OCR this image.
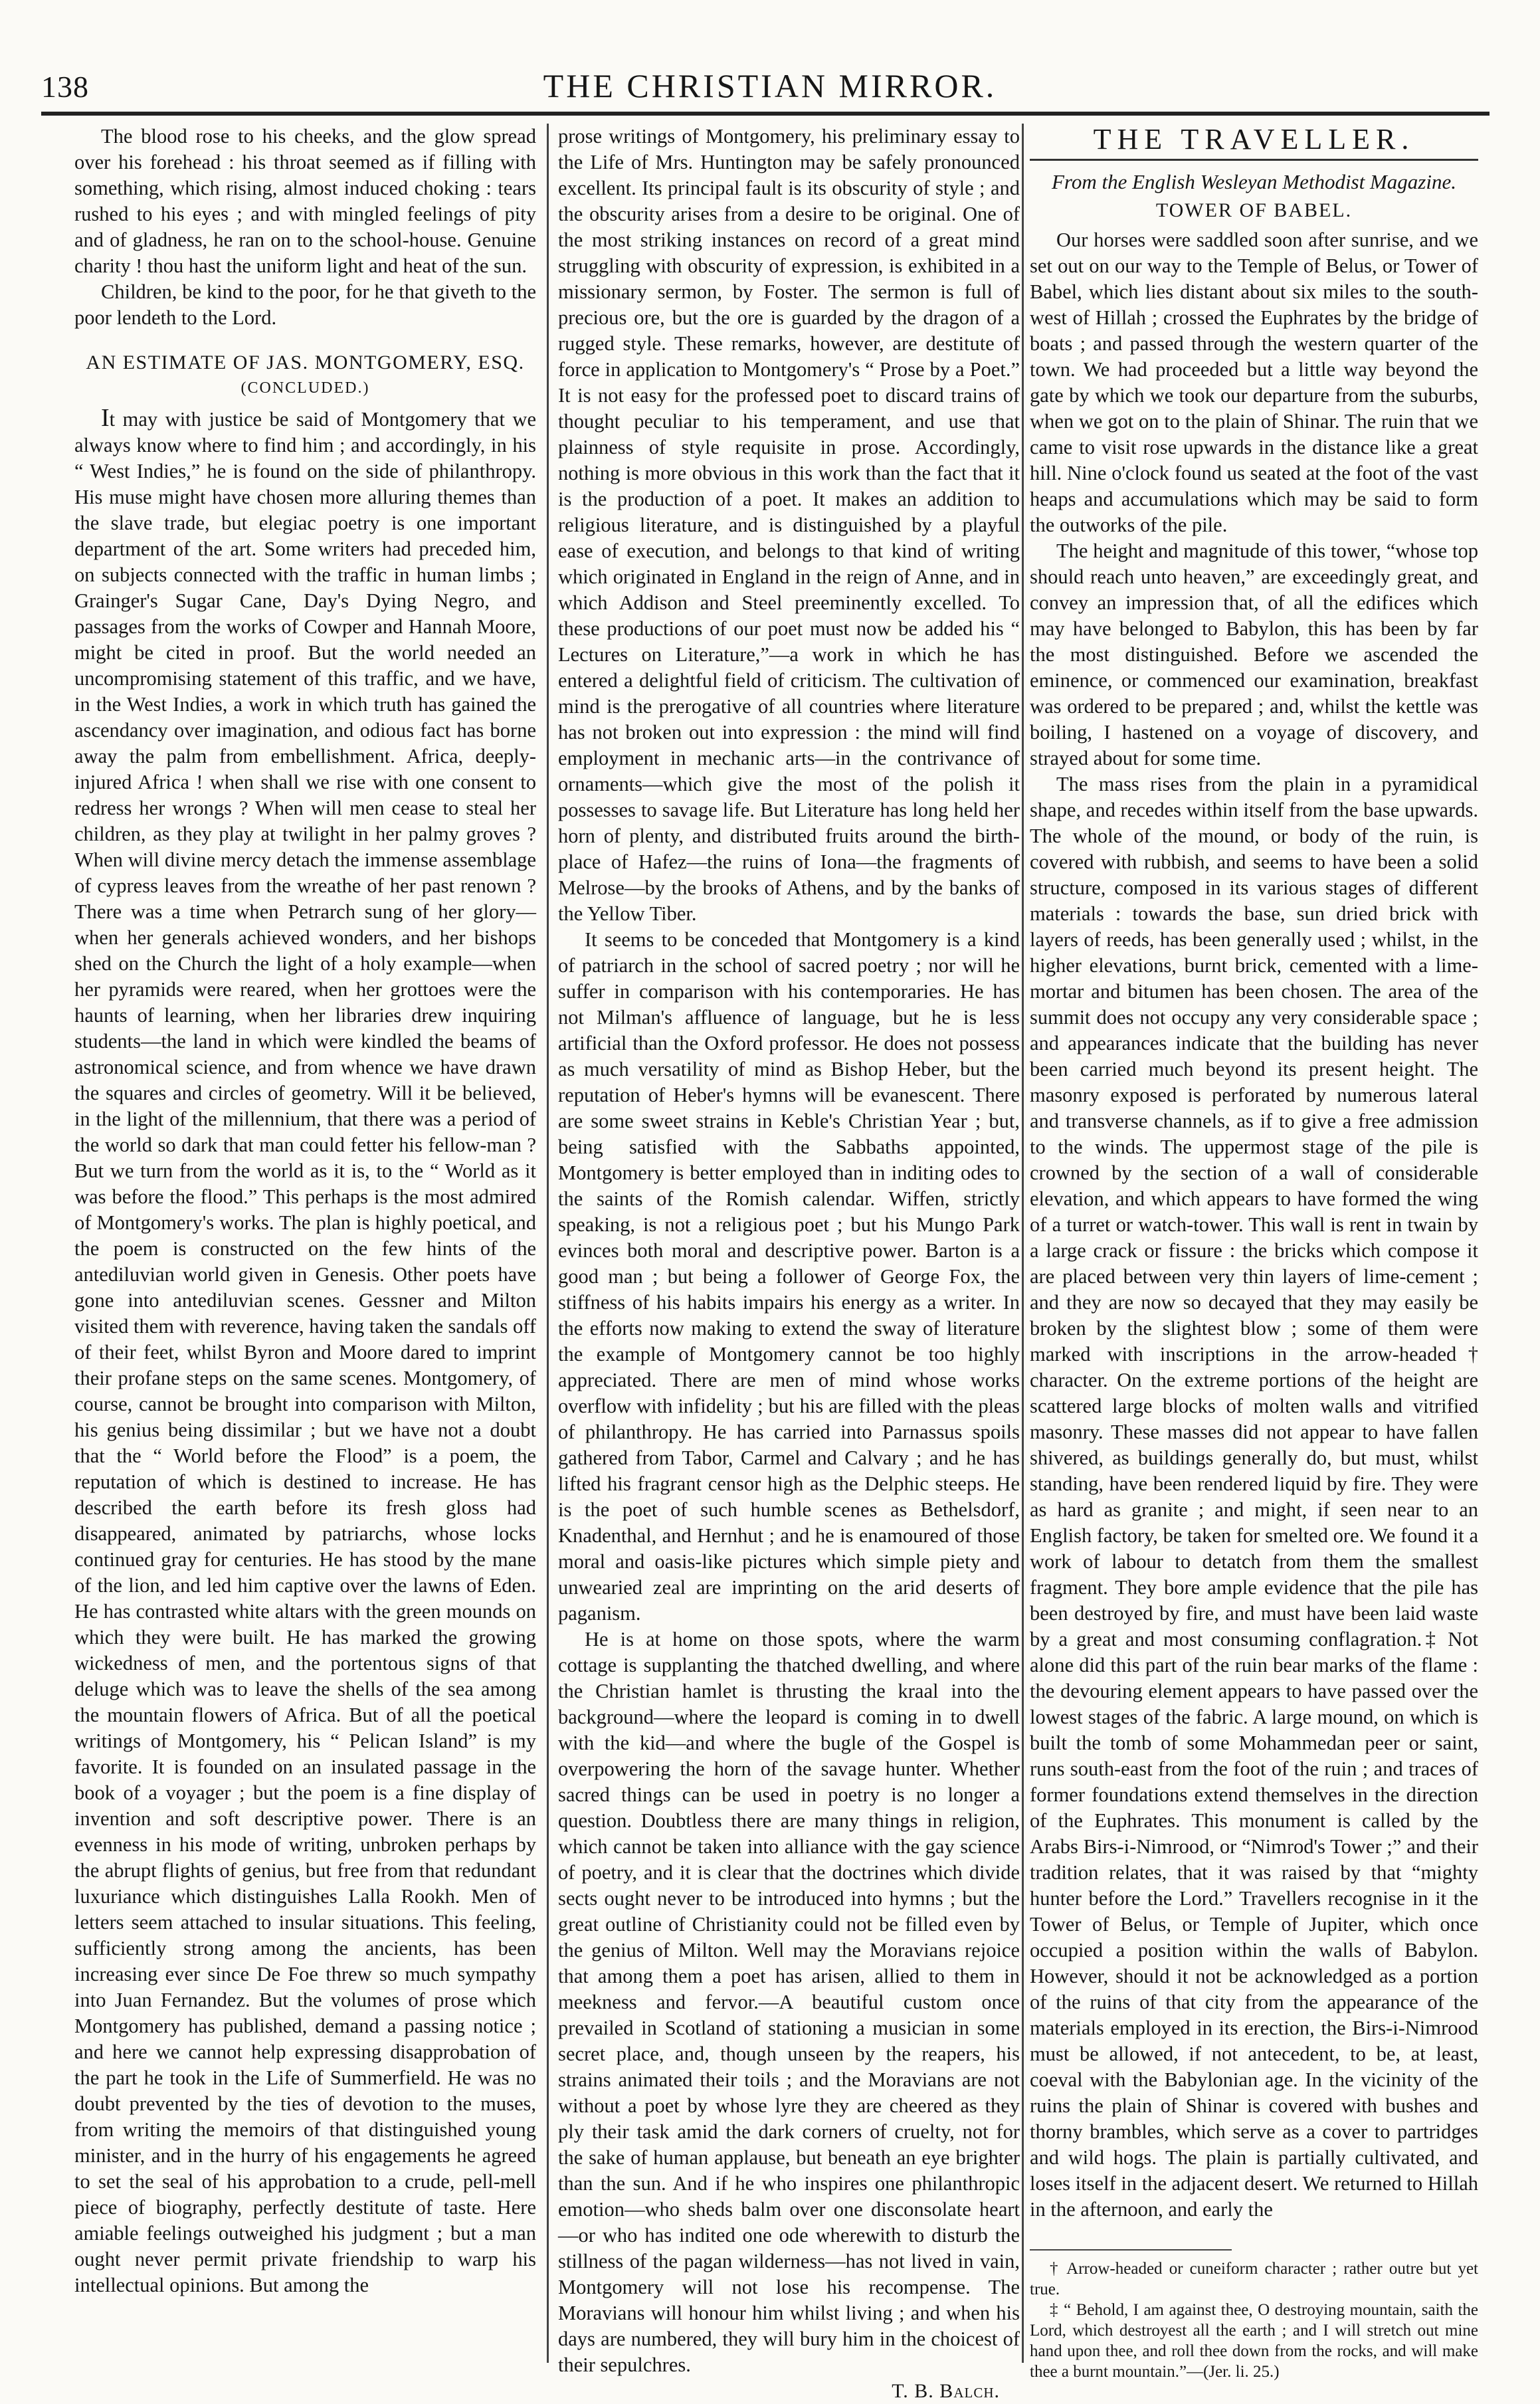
138	THE CHRISTIAN MIRROR.

The blood rose to his cheeks, and the glow spread over his forehead : his throat seemed as if filling with something, which rising, almost induced choking : tears rushed to his eyes ; and with mingled feelings of pity and of gladness, he ran on to the school-house. Genuine charity ! thou hast the uniform light and heat of the sun.

Children, be kind to the poor, for he that giveth to the poor lendeth to the Lord.

AN ESTIMATE OF JAS. MONTGOMERY, ESQ.
(CONCLUDED.)

It may with justice be said of Montgomery that we always know where to find him ; and accordingly, in his “ West Indies,” he is found on the side of philanthropy. His muse might have chosen more alluring themes than the slave trade, but elegiac poetry is one important department of the art. Some writers had preceded him, on subjects connected with the traffic in human limbs ; Grainger's Sugar Cane, Day's Dying Negro, and passages from the works of Cowper and Hannah Moore, might be cited in proof. But the world needed an uncompromising statement of this traffic, and we have, in the West Indies, a work in which truth has gained the ascendancy over imagination, and odious fact has borne away the palm from embellishment. Africa, deeply-injured Africa ! when shall we rise with one consent to redress her wrongs ? When will men cease to steal her children, as they play at twilight in her palmy groves ? When will divine mercy detach the immense assemblage of cypress leaves from the wreathe of her past renown ? There was a time when Petrarch sung of her glory—when her generals achieved wonders, and her bishops shed on the Church the light of a holy example—when her pyramids were reared, when her grottoes were the haunts of learning, when her libraries drew inquiring students—the land in which were kindled the beams of astronomical science, and from whence we have drawn the squares and circles of geometry. Will it be believed, in the light of the millennium, that there was a period of the world so dark that man could fetter his fellow-man ? But we turn from the world as it is, to the “ World as it was before the flood.” This perhaps is the most admired of Montgomery's works. The plan is highly poetical, and the poem is constructed on the few hints of the antediluvian world given in Genesis. Other poets have gone into antediluvian scenes. Gessner and Milton visited them with reverence, having taken the sandals off of their feet, whilst Byron and Moore dared to imprint their profane steps on the same scenes. Montgomery, of course, cannot be brought into comparison with Milton, his genius being dissimilar ; but we have not a doubt that the “ World before the Flood” is a poem, the reputation of which is destined to increase. He has described the earth before its fresh gloss had disappeared, animated by patriarchs, whose locks continued gray for centuries. He has stood by the mane of the lion, and led him captive over the lawns of Eden. He has contrasted white altars with the green mounds on which they were built. He has marked the growing wickedness of men, and the portentous signs of that deluge which was to leave the shells of the sea among the mountain flowers of Africa. But of all the poetical writings of Montgomery, his “ Pelican Island” is my favorite. It is founded on an insulated passage in the book of a voyager ; but the poem is a fine display of invention and soft descriptive power. There is an evenness in his mode of writing, unbroken perhaps by the abrupt flights of genius, but free from that redundant luxuriance which distinguishes Lalla Rookh. Men of letters seem attached to insular situations. This feeling, sufficiently strong among the ancients, has been increasing ever since De Foe threw so much sympathy into Juan Fernandez. But the volumes of prose which Montgomery has published, demand a passing notice ; and here we cannot help expressing disapprobation of the part he took in the Life of Summerfield. He was no doubt prevented by the ties of devotion to the muses, from writing the memoirs of that distinguished young minister, and in the hurry of his engagements he agreed to set the seal of his approbation to a crude, pell-mell piece of biography, perfectly destitute of taste. Here amiable feelings outweighed his judgment ; but a man ought never permit private friendship to warp his intellectual opinions. But among the

prose writings of Montgomery, his preliminary essay to the Life of Mrs. Huntington may be safely pronounced excellent. Its principal fault is its obscurity of style ; and the obscurity arises from a desire to be original. One of the most striking instances on record of a great mind struggling with obscurity of expression, is exhibited in a missionary sermon, by Foster. The sermon is full of precious ore, but the ore is guarded by the dragon of a rugged style. These remarks, however, are destitute of force in application to Montgomery's “ Prose by a Poet.” It is not easy for the professed poet to discard trains of thought peculiar to his temperament, and use that plainness of style requisite in prose. Accordingly, nothing is more obvious in this work than the fact that it is the production of a poet. It makes an addition to religious literature, and is distinguished by a playful ease of execution, and belongs to that kind of writing which originated in England in the reign of Anne, and in which Addison and Steel preeminently excelled. To these productions of our poet must now be added his “ Lectures on Literature,”—a work in which he has entered a delightful field of criticism. The cultivation of mind is the prerogative of all countries where literature has not broken out into expression : the mind will find employment in mechanic arts—in the contrivance of ornaments—which give the most of the polish it possesses to savage life. But Literature has long held her horn of plenty, and distributed fruits around the birth-place of Hafez—the ruins of Iona—the fragments of Melrose—by the brooks of Athens, and by the banks of the Yellow Tiber.

It seems to be conceded that Montgomery is a kind of patriarch in the school of sacred poetry ; nor will he suffer in comparison with his contemporaries. He has not Milman's affluence of language, but he is less artificial than the Oxford professor. He does not possess as much versatility of mind as Bishop Heber, but the reputation of Heber's hymns will be evanescent. There are some sweet strains in Keble's Christian Year ; but, being satisfied with the Sabbaths appointed, Montgomery is better employed than in inditing odes to the saints of the Romish calendar. Wiffen, strictly speaking, is not a religious poet ; but his Mungo Park evinces both moral and descriptive power. Barton is a good man ; but being a follower of George Fox, the stiffness of his habits impairs his energy as a writer. In the efforts now making to extend the sway of literature the example of Montgomery cannot be too highly appreciated. There are men of mind whose works overflow with infidelity ; but his are filled with the pleas of philanthropy. He has carried into Parnassus spoils gathered from Tabor, Carmel and Calvary ; and he has lifted his fragrant censor high as the Delphic steeps. He is the poet of such humble scenes as Bethelsdorf, Knadenthal, and Hernhut ; and he is enamoured of those moral and oasis-like pictures which simple piety and unwearied zeal are imprinting on the arid deserts of paganism.

He is at home on those spots, where the warm cottage is supplanting the thatched dwelling, and where the Christian hamlet is thrusting the kraal into the background—where the leopard is coming in to dwell with the kid—and where the bugle of the Gospel is overpowering the horn of the savage hunter. Whether sacred things can be used in poetry is no longer a question. Doubtless there are many things in religion, which cannot be taken into alliance with the gay science of poetry, and it is clear that the doctrines which divide sects ought never to be introduced into hymns ; but the great outline of Christianity could not be filled even by the genius of Milton. Well may the Moravians rejoice that among them a poet has arisen, allied to them in meekness and fervor.—A beautiful custom once prevailed in Scotland of stationing a musician in some secret place, and, though unseen by the reapers, his strains animated their toils ; and the Moravians are not without a poet by whose lyre they are cheered as they ply their task amid the dark corners of cruelty, not for the sake of human applause, but beneath an eye brighter than the sun. And if he who inspires one philanthropic emotion—who sheds balm over one disconsolate heart—or who has indited one ode wherewith to disturb the stillness of the pagan wilderness—has not lived in vain, Montgomery will not lose his recompense. The Moravians will honour him whilst living ; and when his days are numbered, they will bury him in the choicest of their sepulchres.

T. B. Balch.
THE TRAVELLER.
From the English Wesleyan Methodist Magazine.
TOWER OF BABEL.

Our horses were saddled soon after sunrise, and we set out on our way to the Temple of Belus, or Tower of Babel, which lies distant about six miles to the south-west of Hillah ; crossed the Euphrates by the bridge of boats ; and passed through the western quarter of the town. We had proceeded but a little way beyond the gate by which we took our departure from the suburbs, when we got on to the plain of Shinar. The ruin that we came to visit rose upwards in the distance like a great hill. Nine o'clock found us seated at the foot of the vast heaps and accumulations which may be said to form the outworks of the pile.

The height and magnitude of this tower, “whose top should reach unto heaven,” are exceedingly great, and convey an impression that, of all the edifices which may have belonged to Babylon, this has been by far the most distinguished. Before we ascended the eminence, or commenced our examination, breakfast was ordered to be prepared ; and, whilst the kettle was boiling, I hastened on a voyage of discovery, and strayed about for some time.

The mass rises from the plain in a pyramidical shape, and recedes within itself from the base upwards. The whole of the mound, or body of the ruin, is covered with rubbish, and seems to have been a solid structure, composed in its various stages of different materials : towards the base, sun dried brick with layers of reeds, has been generally used ; whilst, in the higher elevations, burnt brick, cemented with a lime-mortar and bitumen has been chosen. The area of the summit does not occupy any very considerable space ; and appearances indicate that the building has never been carried much beyond its present height. The masonry exposed is perforated by numerous lateral and transverse channels, as if to give a free admission to the winds. The uppermost stage of the pile is crowned by the section of a wall of considerable elevation, and which appears to have formed the wing of a turret or watch-tower. This wall is rent in twain by a large crack or fissure : the bricks which compose it are placed between very thin layers of lime-cement ; and they are now so decayed that they may easily be broken by the slightest blow ; some of them were marked with inscriptions in the arrow-headed† character. On the extreme portions of the height are scattered large blocks of molten walls and vitrified masonry. These masses did not appear to have fallen shivered, as buildings generally do, but must, whilst standing, have been rendered liquid by fire. They were as hard as granite ; and might, if seen near to an English factory, be taken for smelted ore. We found it a work of labour to detatch from them the smallest fragment. They bore ample evidence that the pile has been destroyed by fire, and must have been laid waste by a great and most consuming conflagration.‡ Not alone did this part of the ruin bear marks of the flame : the devouring element appears to have passed over the lowest stages of the fabric. A large mound, on which is built the tomb of some Mohammedan peer or saint, runs south-east from the foot of the ruin ; and traces of former foundations extend themselves in the direction of the Euphrates. This monument is called by the Arabs Birs-i-Nimrood, or “Nimrod's Tower ;” and their tradition relates, that it was raised by that “mighty hunter before the Lord.” Travellers recognise in it the Tower of Belus, or Temple of Jupiter, which once occupied a position within the walls of Babylon. However, should it not be acknowledged as a portion of the ruins of that city from the appearance of the materials employed in its erection, the Birs-i-Nimrood must be allowed, if not antecedent, to be, at least, coeval with the Babylonian age. In the vicinity of the ruins the plain of Shinar is covered with bushes and thorny brambles, which serve as a cover to partridges and wild hogs. The plain is partially cultivated, and loses itself in the adjacent desert. We returned to Hillah in the afternoon, and early the

† Arrow-headed or cuneiform character ; rather outre but yet true.

‡ “ Behold, I am against thee, O destroying mountain, saith the Lord, which destroyest all the earth ; and I will stretch out mine hand upon thee, and roll thee down from the rocks, and will make thee a burnt mountain.”—(Jer. li. 25.)
